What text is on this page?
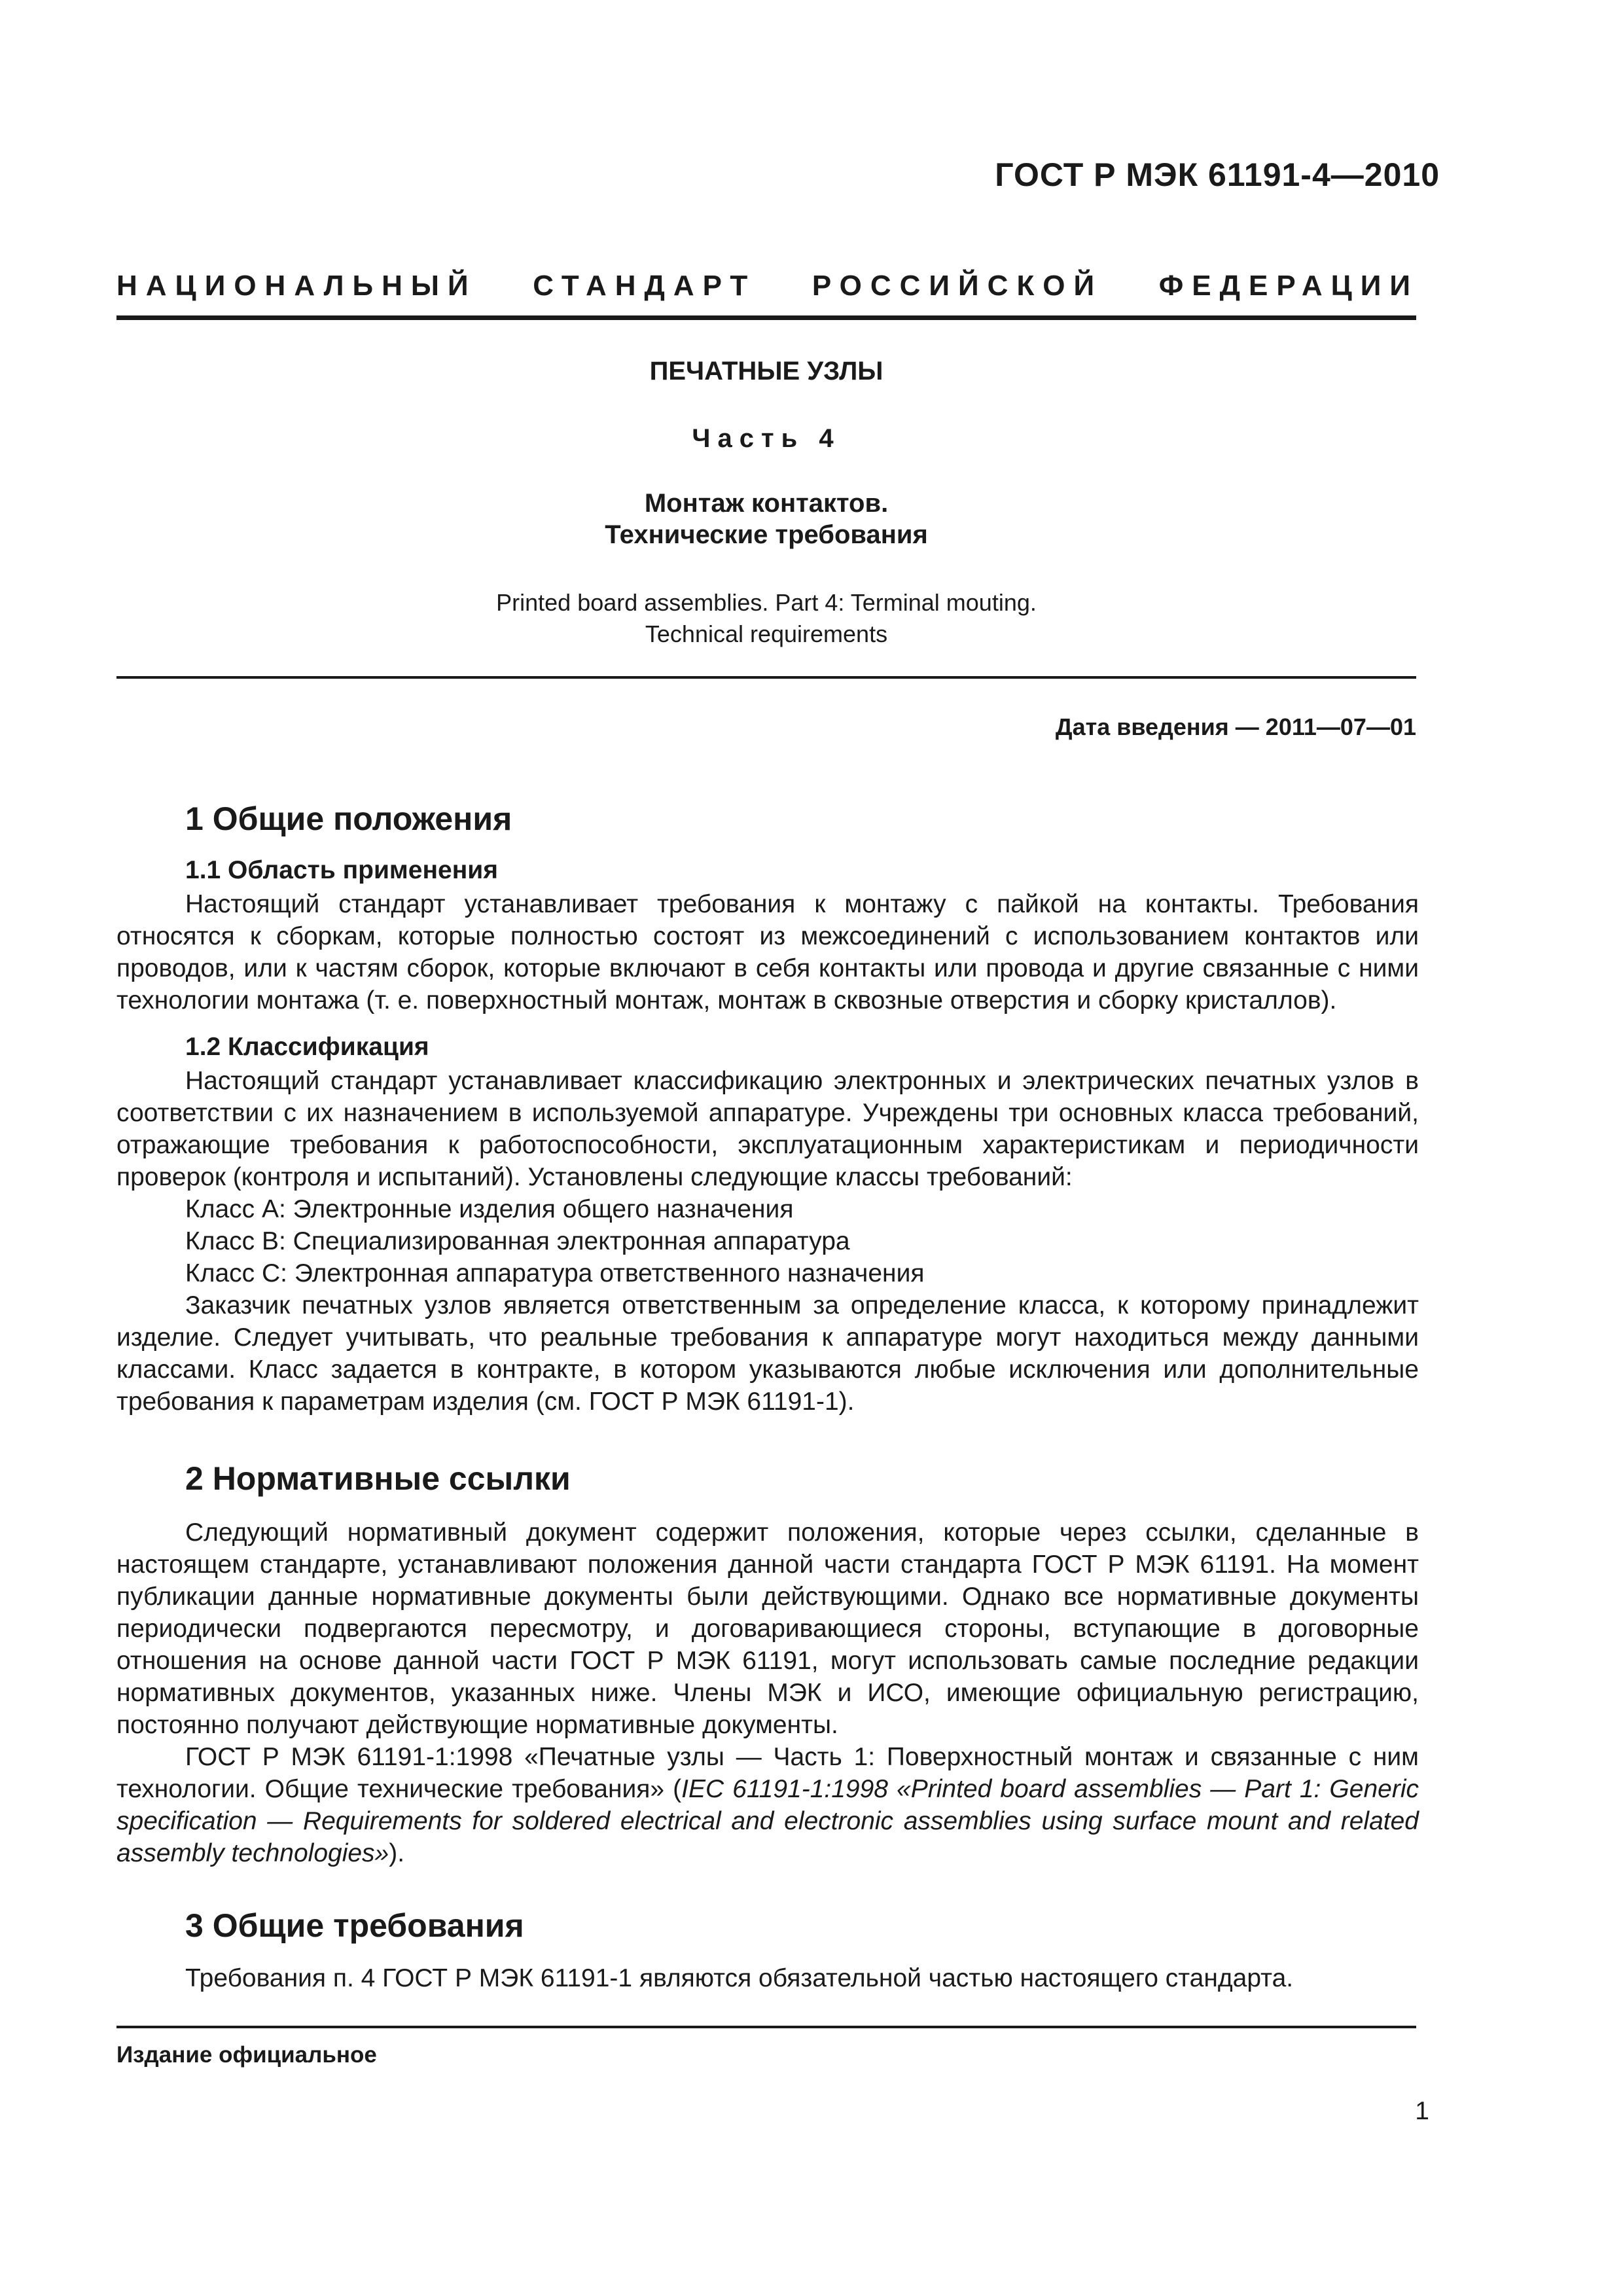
ГОСТ Р МЭК 61191-4—2010
НАЦИОНАЛЬНЫЙ СТАНДАРТ РОССИЙСКОЙ ФЕДЕРАЦИИ
ПЕЧАТНЫЕ УЗЛЫ
Часть 4
Монтаж контактов.
Технические требования
Printed board assemblies. Part 4: Terminal mouting.
Technical requirements
Дата введения — 2011—07—01
1 Общие положения
1.1 Область применения

Настоящий стандарт устанавливает требования к монтажу с пайкой на контакты. Требования относятся к сборкам, которые полностью состоят из межсоединений с использованием контактов или проводов, или к частям сборок, которые включают в себя контакты или провода и другие связанные с ними технологии монтажа (т. е. поверхностный монтаж, монтаж в сквозные отверстия и сборку кристаллов).

1.2 Классификация

Настоящий стандарт устанавливает классификацию электронных и электрических печатных узлов в соответствии с их назначением в используемой аппаратуре. Учреждены три основных класса требований, отражающие требования к работоспособности, эксплуатационным характеристикам и периодичности проверок (контроля и испытаний). Установлены следующие классы требований:

Класс A: Электронные изделия общего назначения
Класс B: Специализированная электронная аппаратура
Класс C: Электронная аппаратура ответственного назначения

Заказчик печатных узлов является ответственным за определение класса, к которому принадлежит изделие. Следует учитывать, что реальные требования к аппаратуре могут находиться между данными классами. Класс задается в контракте, в котором указываются любые исключения или дополнительные требования к параметрам изделия (см. ГОСТ Р МЭК 61191-1).

2 Нормативные ссылки

Следующий нормативный документ содержит положения, которые через ссылки, сделанные в настоящем стандарте, устанавливают положения данной части стандарта ГОСТ Р МЭК 61191. На момент публикации данные нормативные документы были действующими. Однако все нормативные документы периодически подвергаются пересмотру, и договаривающиеся стороны, вступающие в договорные отношения на основе данной части ГОСТ Р МЭК 61191, могут использовать самые последние редакции нормативных документов, указанных ниже. Члены МЭК и ИСО, имеющие официальную регистрацию, постоянно получают действующие нормативные документы.

ГОСТ Р МЭК 61191-1:1998 «Печатные узлы — Часть 1: Поверхностный монтаж и связанные с ним технологии. Общие технические требования» (IEC 61191-1:1998 «Printed board assemblies — Part 1: Generic specification — Requirements for soldered electrical and electronic assemblies using surface mount and related assembly technologies»).

3 Общие требования

Требования п. 4 ГОСТ Р МЭК 61191-1 являются обязательной частью настоящего стандарта.

Издание официальное
1
